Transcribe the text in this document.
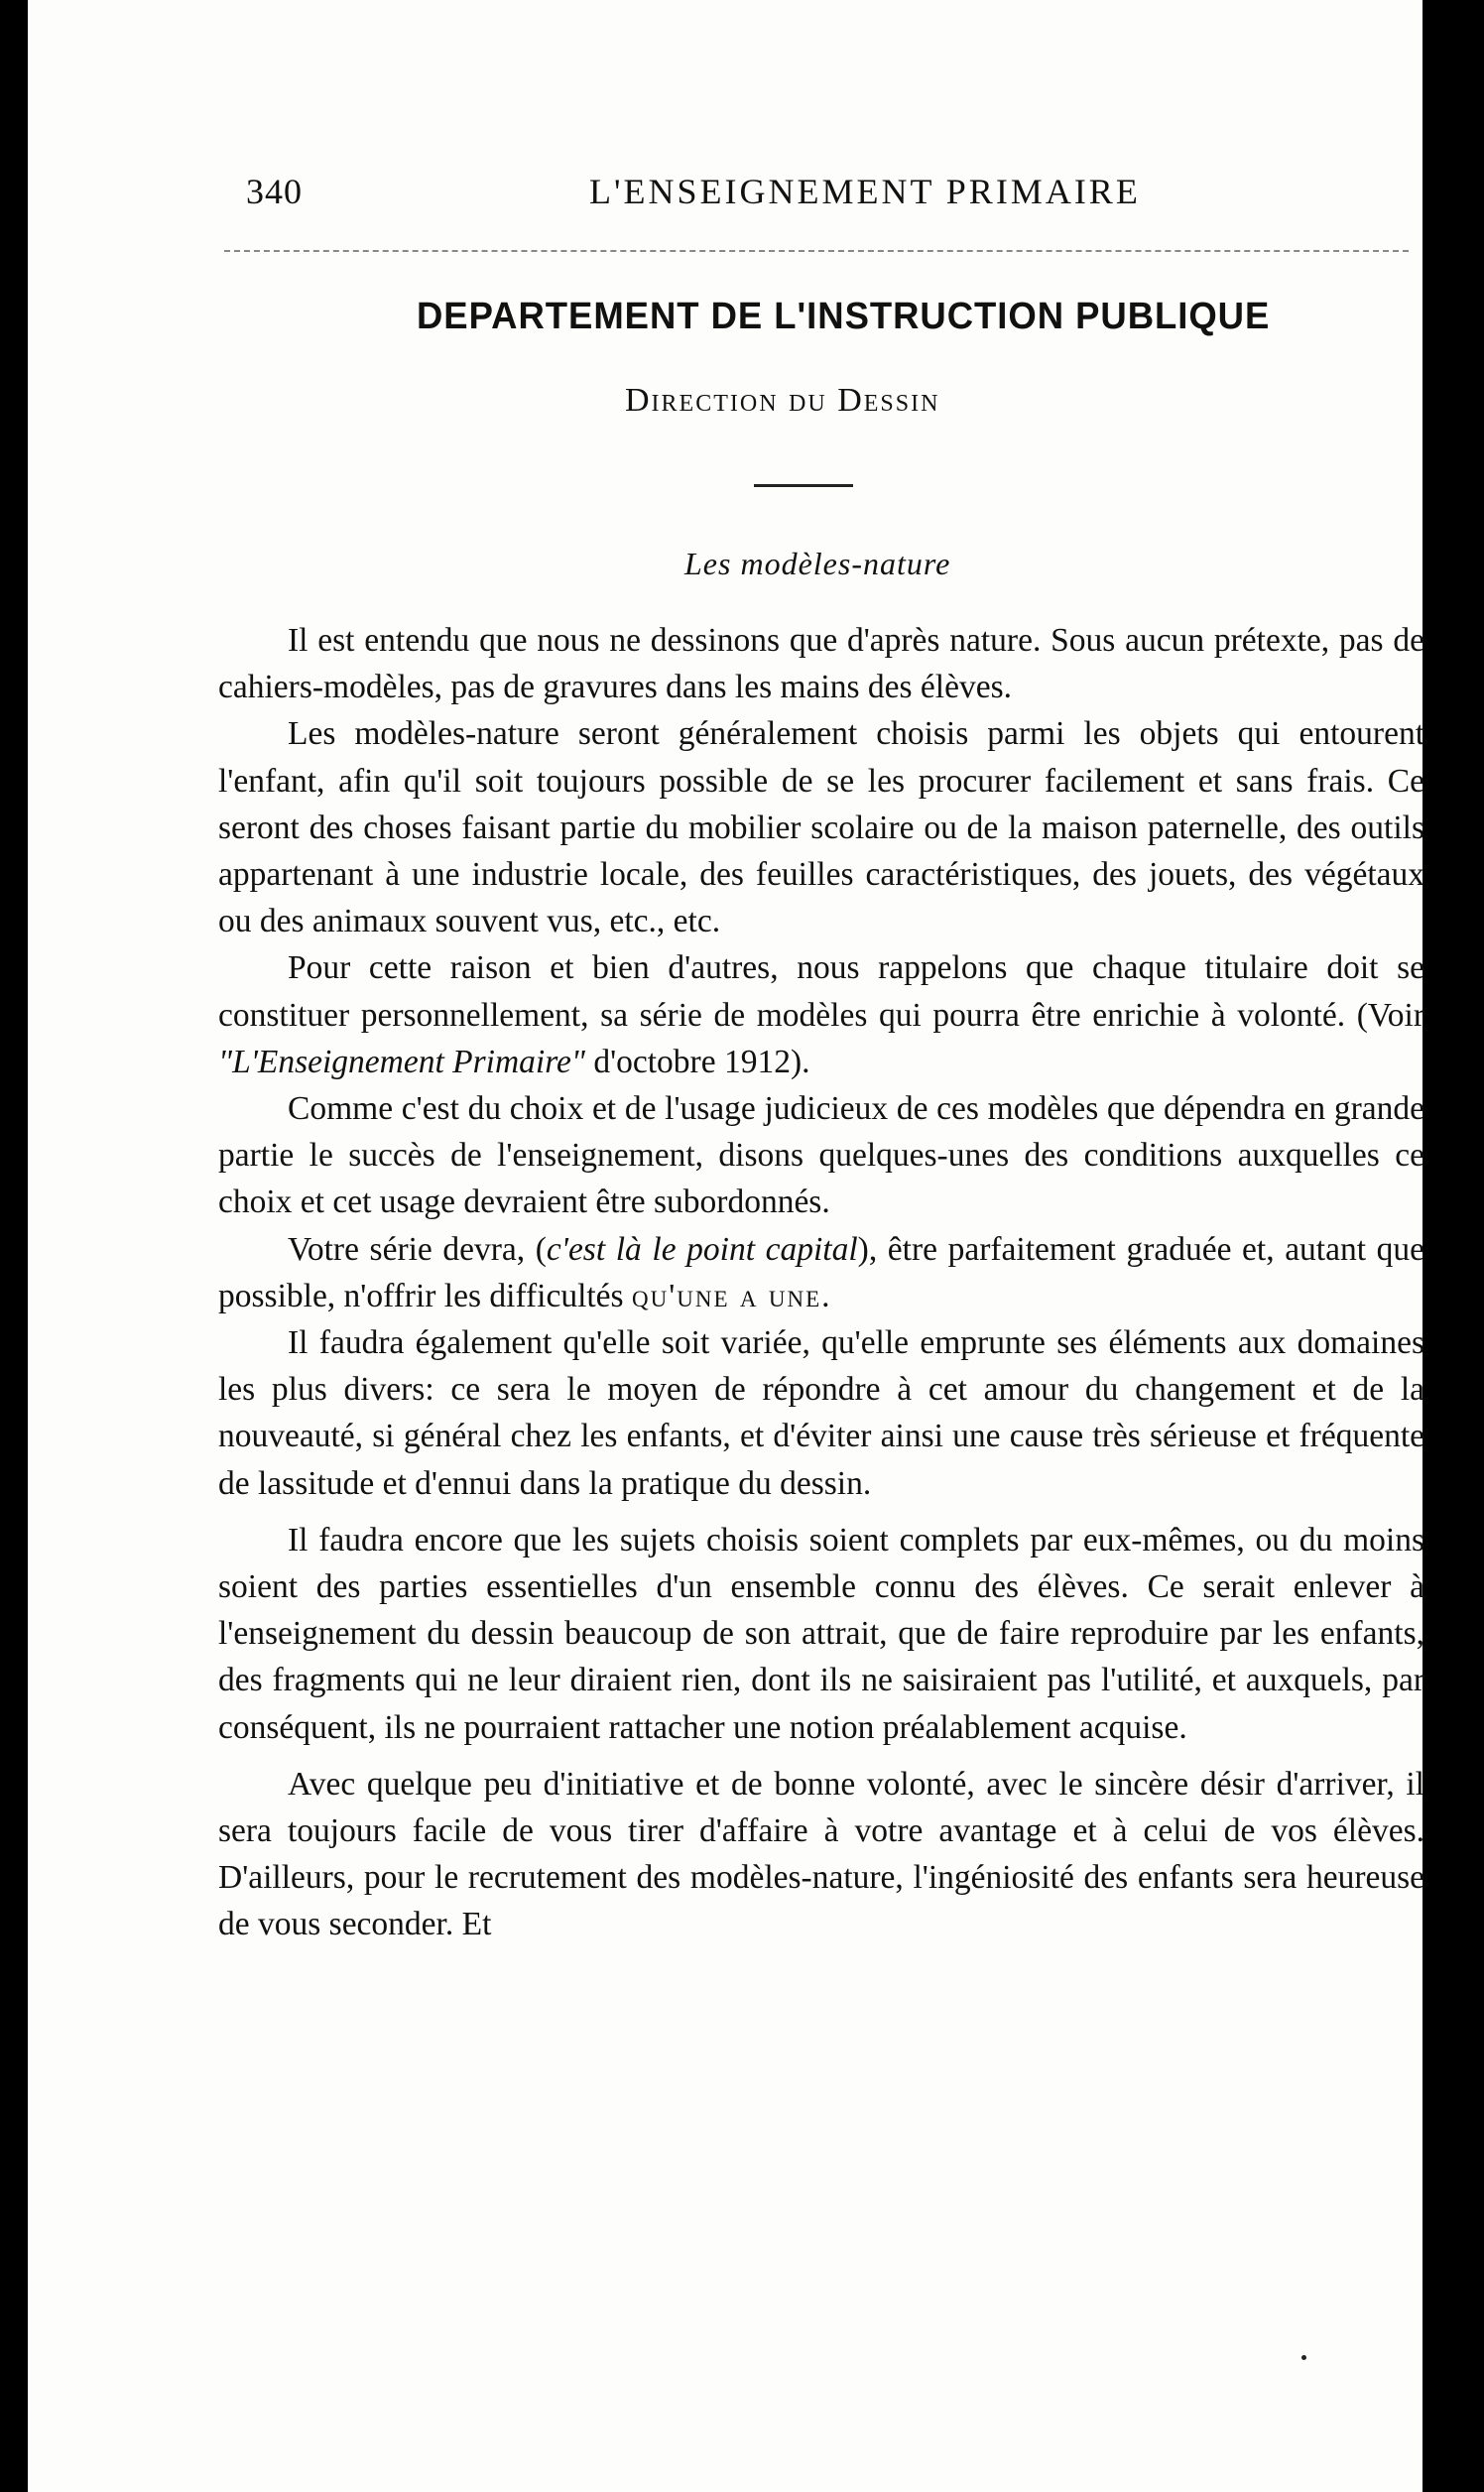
340	L'ENSEIGNEMENT PRIMAIRE
DEPARTEMENT DE L'INSTRUCTION PUBLIQUE
Direction du Dessin
Les modèles-nature

Il est entendu que nous ne dessinons que d'après nature. Sous aucun prétexte, pas de cahiers-modèles, pas de gravures dans les mains des élèves.

Les modèles-nature seront généralement choisis parmi les objets qui entourent l'enfant, afin qu'il soit toujours possible de se les procurer facilement et sans frais. Ce seront des choses faisant partie du mobilier scolaire ou de la maison paternelle, des outils appartenant à une industrie locale, des feuilles caractéristiques, des jouets, des végétaux ou des animaux souvent vus, etc., etc.

Pour cette raison et bien d'autres, nous rappelons que chaque titulaire doit se constituer personnellement, sa série de modèles qui pourra être enrichie à volonté. (Voir "L'Enseignement Primaire" d'octobre 1912).

Comme c'est du choix et de l'usage judicieux de ces modèles que dépendra en grande partie le succès de l'enseignement, disons quelques-unes des conditions auxquelles ce choix et cet usage devraient être subordonnés.

Votre série devra, (c'est là le point capital), être parfaitement graduée et, autant que possible, n'offrir les difficultés qu'une a une.

Il faudra également qu'elle soit variée, qu'elle emprunte ses éléments aux domaines les plus divers: ce sera le moyen de répondre à cet amour du changement et de la nouveauté, si général chez les enfants, et d'éviter ainsi une cause très sérieuse et fréquente de lassitude et d'ennui dans la pratique du dessin.

Il faudra encore que les sujets choisis soient complets par eux-mêmes, ou du moins soient des parties essentielles d'un ensemble connu des élèves. Ce serait enlever à l'enseignement du dessin beaucoup de son attrait, que de faire reproduire par les enfants, des fragments qui ne leur diraient rien, dont ils ne saisiraient pas l'utilité, et auxquels, par conséquent, ils ne pourraient rattacher une notion préalablement acquise.

Avec quelque peu d'initiative et de bonne volonté, avec le sincère désir d'arriver, il sera toujours facile de vous tirer d'affaire à votre avantage et à celui de vos élèves. D'ailleurs, pour le recrutement des modèles-nature, l'ingéniosité des enfants sera heureuse de vous seconder. Et
